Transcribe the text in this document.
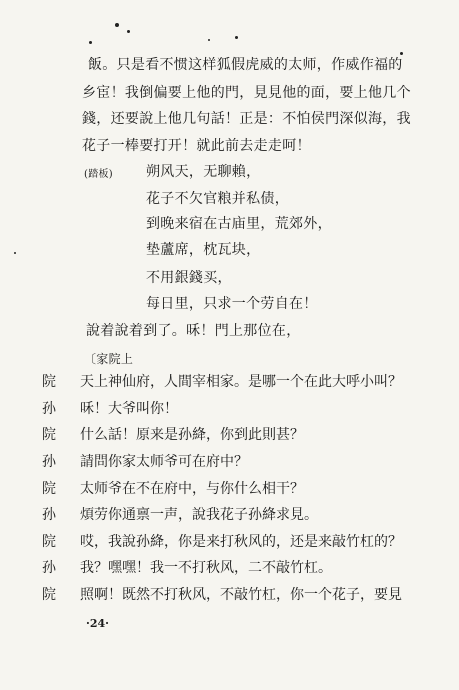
飯。只是看不惯这样狐假虎威的太师，作威作福的
乡宦！我倒偏要上他的門，見見他的面，要上他几个
錢，还要說上他几句話！正是：不怕侯門深似海，我
花子一棒要打开！就此前去走走呵！
(踏板) 朔风天，无聊賴，
花子不欠官粮并私债，
到晚来宿在古庙里，荒郊外，
垫蘆席，枕瓦块，
不用銀錢买，
每日里，只求一个劳自在！
說着說着到了。咊！門上那位在，
〔家院上
院 天上神仙府，人間宰相家。是哪一个在此大呼小叫？
孙 咊！大爷叫你！
院 什么話！原来是孙絳，你到此則甚？
孙 請問你家太师爷可在府中？
院 太师爷在不在府中，与你什么相干？
孙 煩劳你通禀一声，說我花子孙絳求見。
院 哎，我說孙絳，你是来打秋风的，还是来敲竹杠的？
孙 我？嘿嘿！我一不打秋风，二不敲竹杠。
院 照啊！既然不打秋风，不敲竹杠，你一个花子，要見
·24·
